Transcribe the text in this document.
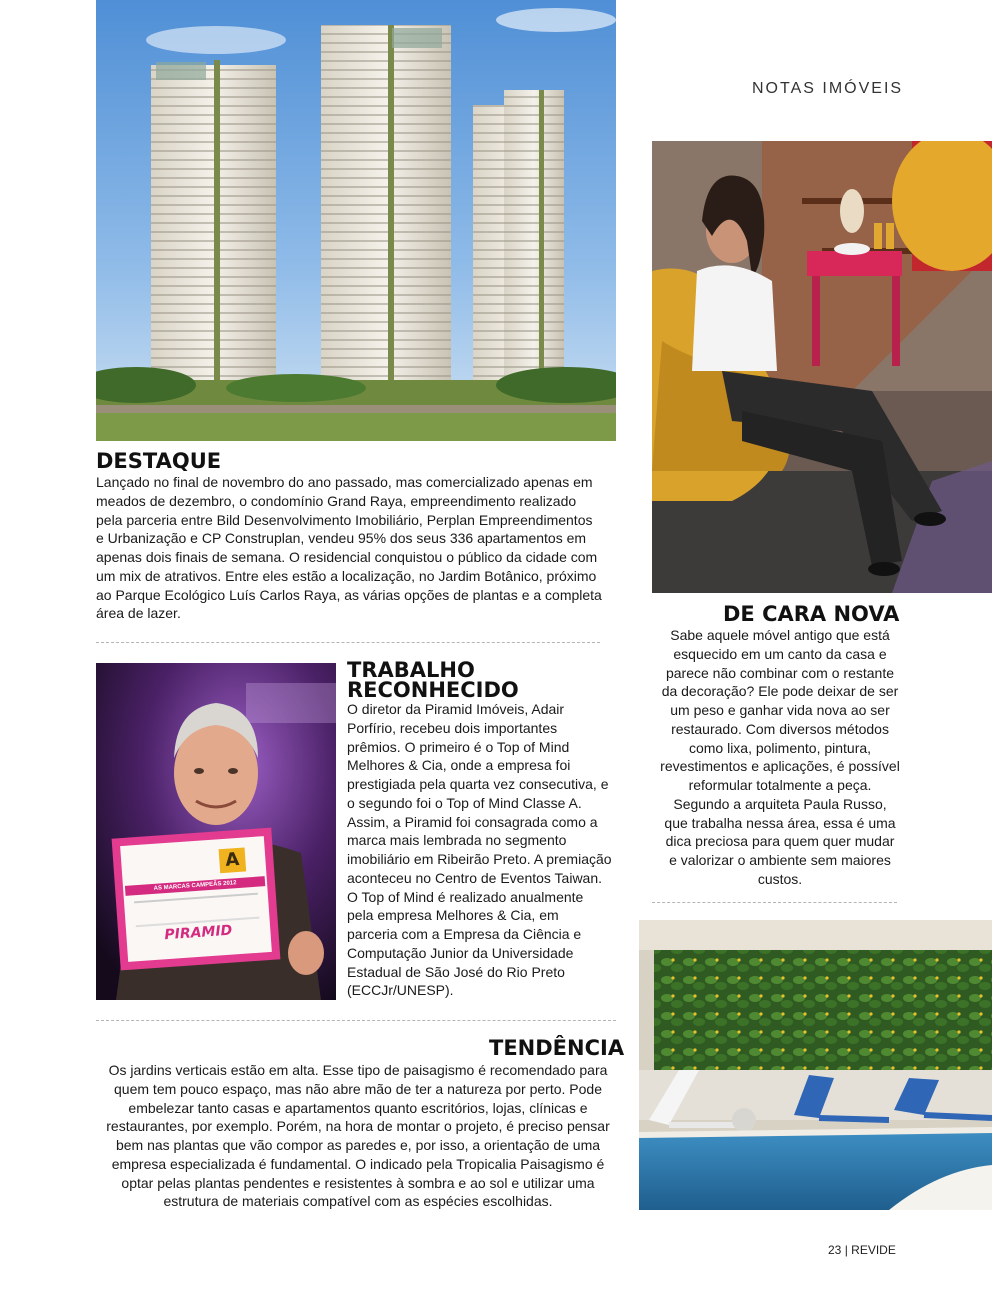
NOTAS IMÓVEIS
DESTAQUE

Lançado no final de novembro do ano passado, mas comercializado apenas em meados de dezembro, o condomínio Grand Raya, empreendimento realizado pela parceria entre Bild Desenvolvimento Imobiliário, Perplan Empreendimentos e Urbanização e CP Construplan, vendeu 95% dos seus 336 apartamentos em apenas dois finais de semana. O residencial conquistou o público da cidade com um mix de atrativos. Entre eles estão a localização, no Jardim Botânico, próximo ao Parque Ecológico Luís Carlos Raya, as várias opções de plantas e a completa área de lazer.

A
AS MARCAS CAMPEÃS 2012
PIRAMID
TRABALHO
RECONHECIDO

O diretor da Piramid Imóveis, Adair Porfírio, recebeu dois importantes prêmios. O primeiro é o Top of Mind Melhores & Cia, onde a empresa foi prestigiada pela quarta vez consecutiva, e o segundo foi o Top of Mind Classe A. Assim, a Piramid foi consagrada como a marca mais lembrada no segmento imobiliário em Ribeirão Preto. A premiação aconteceu no Centro de Eventos Taiwan. O Top of Mind é realizado anualmente pela empresa Melhores & Cia, em parceria com a Empresa da Ciência e Computação Junior da Universidade Estadual de São José do Rio Preto (ECCJr/UNESP).

TENDÊNCIA

Os jardins verticais estão em alta. Esse tipo de paisagismo é recomendado para quem tem pouco espaço, mas não abre mão de ter a natureza por perto. Pode embelezar tanto casas e apartamentos quanto escritórios, lojas, clínicas e restaurantes, por exemplo. Porém, na hora de montar o projeto, é preciso pensar bem nas plantas que vão compor as paredes e, por isso, a orientação de uma empresa especializada é fundamental. O indicado pela Tropicalia Paisagismo é optar pelas plantas pendentes e resistentes à sombra e ao sol e utilizar uma estrutura de materiais compatível com as espécies escolhidas.

DE CARA NOVA

Sabe aquele móvel antigo que está esquecido em um canto da casa e parece não combinar com o restante da decoração? Ele pode deixar de ser um peso e ganhar vida nova ao ser restaurado. Com diversos métodos como lixa, polimento, pintura, revestimentos e aplicações, é possível reformular totalmente a peça. Segundo a arquiteta Paula Russo, que trabalha nessa área, essa é uma dica preciosa para quem quer mudar e valorizar o ambiente sem maiores custos.

23 | REVIDE
